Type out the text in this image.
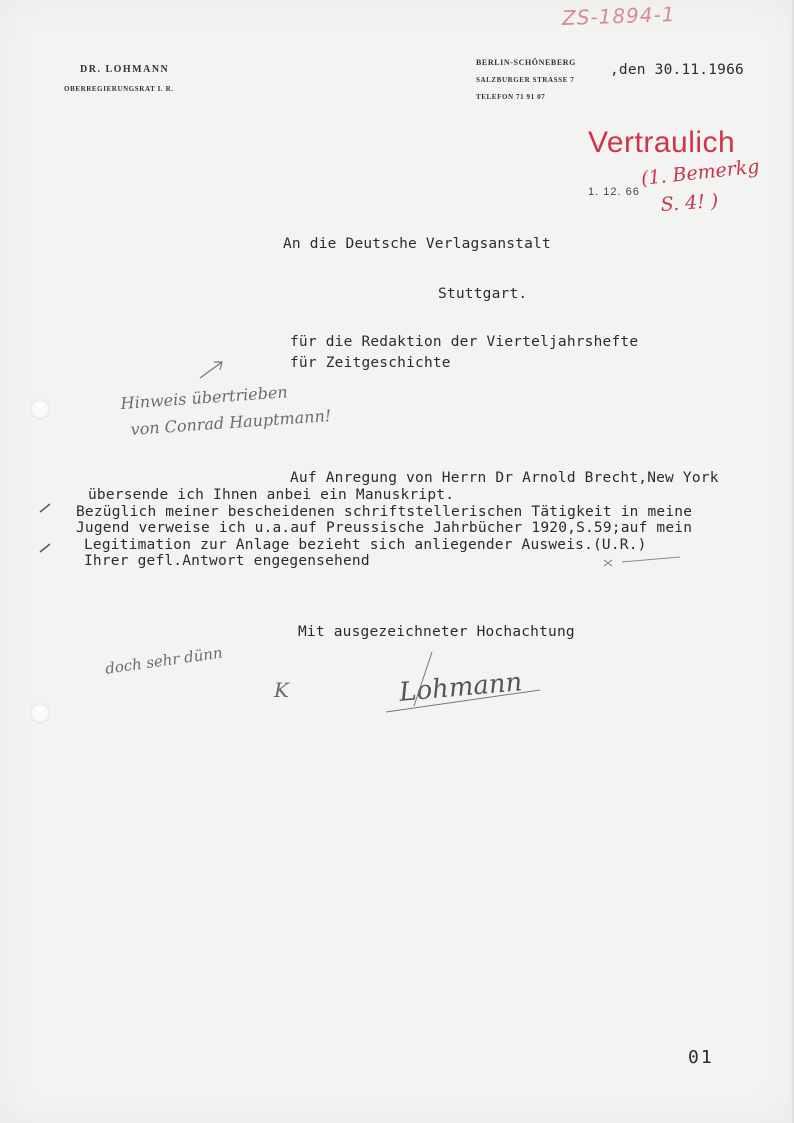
ZS-1894-1
DR. LOHMANN
OBERREGIERUNGSRAT I. R.
BERLIN-SCHÖNEBERG
SALZBURGER STRASSE 7
TELEFON 71 91 07
,den 30.11.1966
Vertraulich
1. 12. 66
(1. Bemerkg
S. 4! )
An die Deutsche Verlagsanstalt
Stuttgart.
für die Redaktion der Vierteljahrshefte
für Zeitgeschichte
Hinweis übertrieben
von Conrad Hauptmann!
Auf Anregung von Herrn Dr Arnold Brecht,New York
übersende ich Ihnen anbei ein Manuskript.
Bezüglich meiner bescheidenen schriftstellerischen Tätigkeit in meine
Jugend verweise ich u.a.auf Preussische Jahrbücher 1920,S.59;auf mein
Legitimation zur Anlage bezieht sich anliegender Ausweis.(U.R.)
Ihrer gefl.Antwort engegensehend
Mit ausgezeichneter Hochachtung
doch sehr dünn
K	Lohmann
01
